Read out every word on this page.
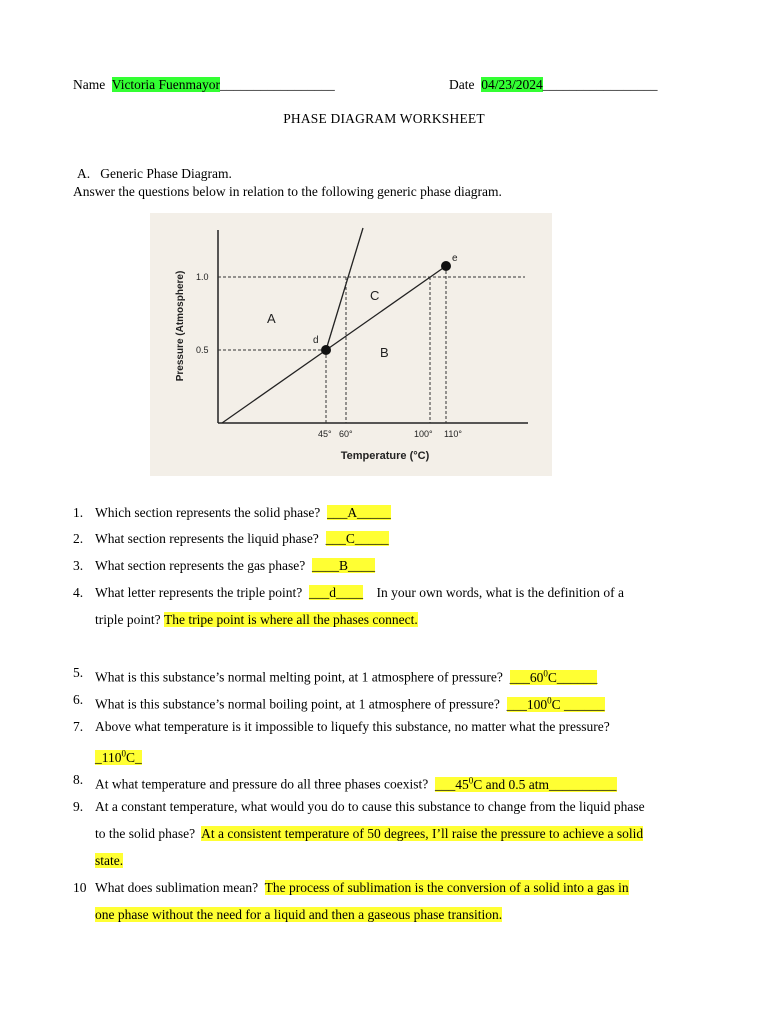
Name Victoria Fuenmayor_________________	Date 04/23/2024_________________
PHASE DIAGRAM WORKSHEET
A. Generic Phase Diagram.
Answer the questions below in relation to the following generic phase diagram.
1.0
0.5
45° 60°	100° 110°
A
B
C
d
e
Pressure (Atmosphere)
Temperature (°C)
1. Which section represents the solid phase? ___A_____
2. What section represents the liquid phase? ___C_____
3. What section represents the gas phase? ____B____
4. What letter represents the triple point? ___d____ In your own words, what is the definition of a
triple point? The tripe point is where all the phases connect.
5. What is this substance’s normal melting point, at 1 atmosphere of pressure? $\_\_\_60^0C\_\_\_\_\_\_$
6. What is this substance’s normal boiling point, at 1 atmosphere of pressure? $\_\_\_100^0C$ ______
7. Above what temperature is it impossible to liquefy this substance, no matter what the pressure?
$\_110^0C\_$
8. At what temperature and pressure do all three phases coexist? $\_\_\_45^0C$ and 0.5 atm__________
9. At a constant temperature, what would you do to cause this substance to change from the liquid phase
to the solid phase? At a consistent temperature of 50 degrees, I’ll raise the pressure to achieve a solid
state.
10 What does sublimation mean? The process of sublimation is the conversion of a solid into a gas in
one phase without the need for a liquid and then a gaseous phase transition.
